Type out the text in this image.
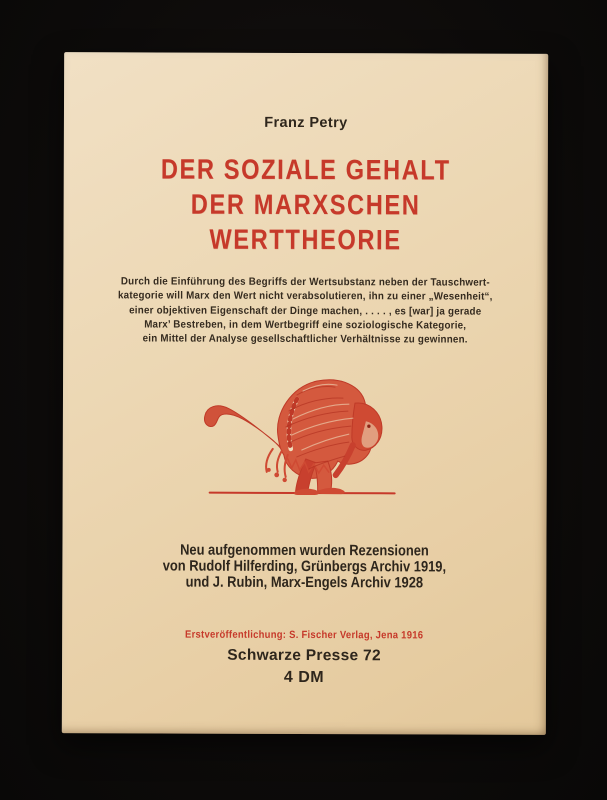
Franz Petry
DER SOZIALE GEHALT
DER MARXSCHEN
WERTTHEORIE
Durch die Einführung des Begriffs der Wertsubstanz neben der Tauschwert-
kategorie will Marx den Wert nicht verabsolutieren, ihn zu einer „Wesenheit“,
einer objektiven Eigenschaft der Dinge machen, . . . . , es [war] ja gerade
Marx’ Bestreben, in dem Wertbegriff eine soziologische Kategorie,
ein Mittel der Analyse gesellschaftlicher Verhältnisse zu gewinnen.
Neu aufgenommen wurden Rezensionen
von Rudolf Hilferding, Grünbergs Archiv 1919,
und J. Rubin, Marx-Engels Archiv 1928
Erstveröffentlichung: S. Fischer Verlag, Jena 1916
Schwarze Presse 72
4 DM
